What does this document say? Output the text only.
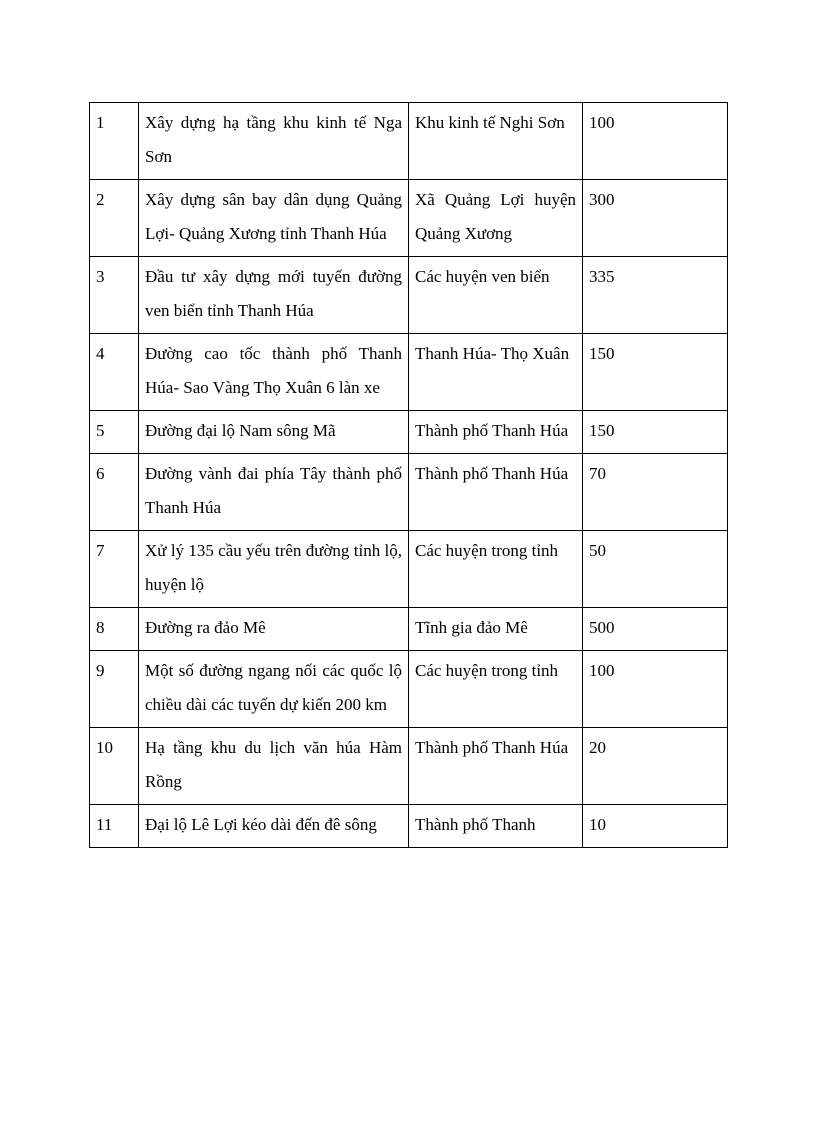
1	Xây dựng hạ tầng khu kinh tế Nga Sơn	Khu kinh tế Nghi Sơn	100
2	Xây dựng sân bay dân dụng Quảng Lợi- Quảng Xương tỉnh Thanh Húa	Xã Quảng Lợi huyện Quảng Xương	300
3	Đầu tư xây dựng mới tuyến đường ven biển tỉnh Thanh Húa	Các huyện ven biển	335
4	Đường cao tốc thành phố Thanh Húa- Sao Vàng Thọ Xuân 6 làn xe	Thanh Húa- Thọ Xuân	150
5	Đường đại lộ Nam sông Mã	Thành phố Thanh Húa	150
6	Đường vành đai phía Tây thành phố Thanh Húa	Thành phố Thanh Húa	70
7	Xử lý 135 cầu yếu trên đường tỉnh lộ, huyện lộ	Các huyện trong tỉnh	50
8	Đường ra đảo Mê	Tĩnh gia đảo Mê	500
9	Một số đường ngang nối các quốc lộ chiều dài các tuyến dự kiến 200 km	Các huyện trong tỉnh	100
10	Hạ tầng khu du lịch văn húa Hàm Rồng	Thành phố Thanh Húa	20
11	Đại lộ Lê Lợi kéo dài đến đê sông	Thành phố Thanh	10
